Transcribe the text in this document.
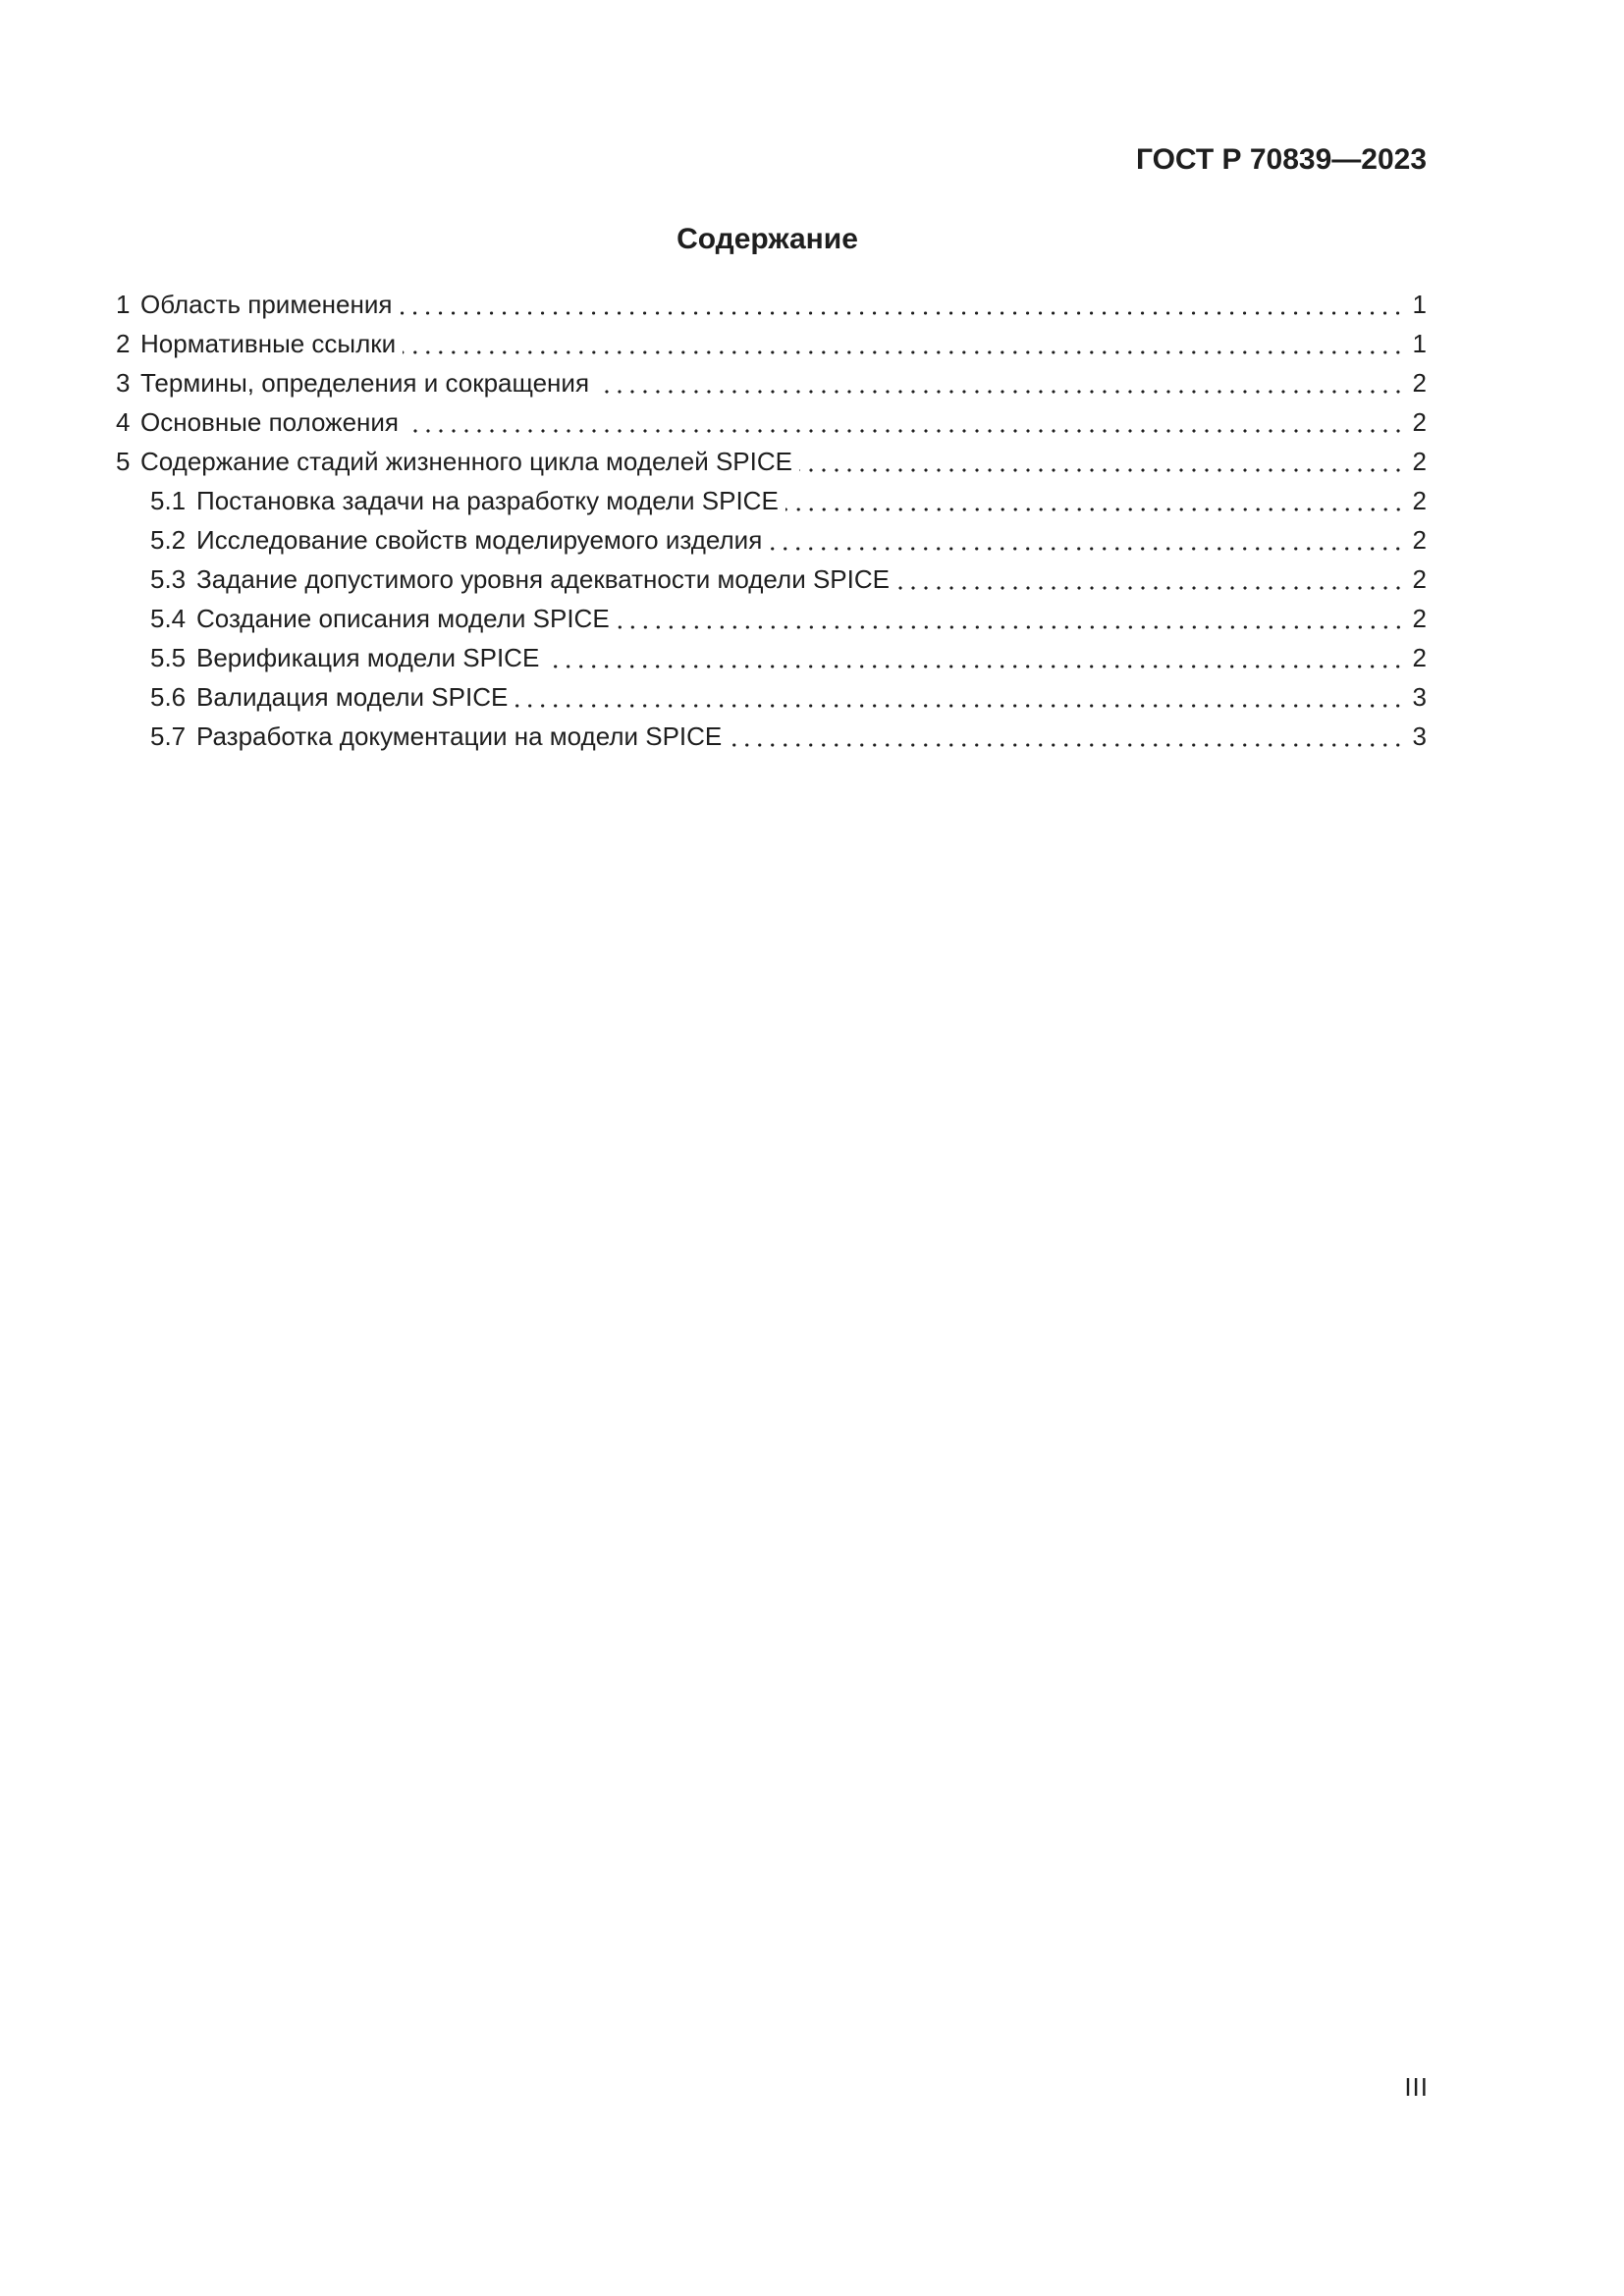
ГОСТ Р 70839—2023
Содержание
1 Область применения	1
2 Нормативные ссылки	1
3 Термины, определения и сокращения	2
4 Основные положения	2
5 Содержание стадий жизненного цикла моделей SPICE	2
5.1 Постановка задачи на разработку модели SPICE	2
5.2 Исследование свойств моделируемого изделия	2
5.3 Задание допустимого уровня адекватности модели SPICE	2
5.4 Создание описания модели SPICE	2
5.5 Верификация модели SPICE	2
5.6 Валидация модели SPICE	3
5.7 Разработка документации на модели SPICE	3
III
